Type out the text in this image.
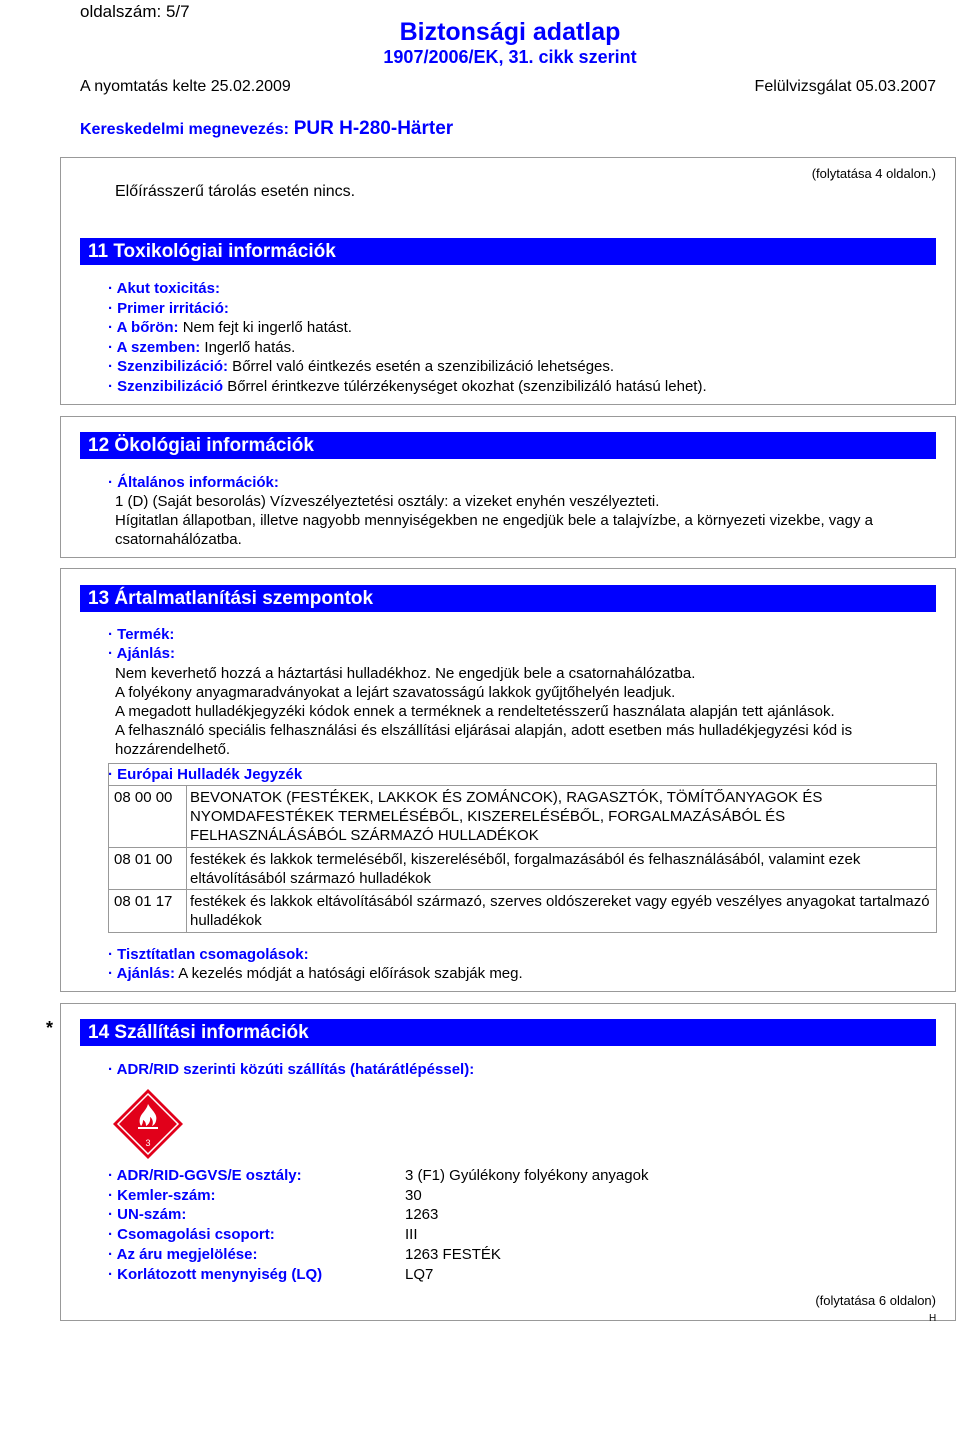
oldalszám: 5/7
Biztonsági adatlap
1907/2006/EK, 31. cikk szerint
A nyomtatás kelte 25.02.2009	Felülvizsgálat 05.03.2007
Kereskedelmi megnevezés: PUR H-280-Härter
(folytatása 4 oldalon.)
Előírásszerű tárolás esetén nincs.
11 Toxikológiai információk
· Akut toxicitás:
· Primer irritáció:
· A bőrön: Nem fejt ki ingerlő hatást.
· A szemben: Ingerlő hatás.
· Szenzibilizáció: Bőrrel való éintkezés esetén a szenzibilizáció lehetséges.
· Szenzibilizáció Bőrrel érintkezve túlérzékenységet okozhat (szenzibilizáló hatású lehet).
12 Ökológiai információk
· Általános információk:
1 (D) (Saját besorolás) Vízveszélyeztetési osztály: a vizeket enyhén veszélyezteti.
Hígitatlan állapotban, illetve nagyobb mennyiségekben ne engedjük bele a talajvízbe, a környezeti vizekbe, vagy a csatornahálózatba.
13 Ártalmatlanítási szempontok
· Termék:
· Ajánlás:
Nem keverhető hozzá a háztartási hulladékhoz. Ne engedjük bele a csatornahálózatba.
A folyékony anyagmaradványokat a lejárt szavatosságú lakkok gyűjtőhelyén leadjuk.
A megadott hulladékjegyzéki kódok ennek a terméknek a rendeltetésszerű használata alapján tett ajánlások.
A felhasználó speciális felhasználási és elszállítási eljárásai alapján, adott esetben más hulladékjegyzési kód is hozzárendelhető.
· Európai Hulladék Jegyzék
08 00 00 BEVONATOK (FESTÉKEK, LAKKOK ÉS ZOMÁNCOK), RAGASZTÓK, TÖMÍTŐANYAGOK ÉS NYOMDAFESTÉKEK TERMELÉSÉBŐL, KISZERELÉSÉBŐL, FORGALMAZÁSÁBÓL ÉS FELHASZNÁLÁSÁBÓL SZÁRMAZÓ HULLADÉKOK
08 01 00 festékek és lakkok termeléséből, kiszereléséből, forgalmazásából és felhasználásából, valamint ezek eltávolításából származó hulladékok
08 01 17 festékek és lakkok eltávolításából származó, szerves oldószereket vagy egyéb veszélyes anyagokat tartalmazó hulladékok
· Tisztítatlan csomagolások:
· Ajánlás: A kezelés módját a hatósági előírások szabják meg.
*	14 Szállítási információk
· ADR/RID szerinti közúti szállítás (határátlépéssel):
3
· ADR/RID-GGVS/E osztály:	3 (F1) Gyúlékony folyékony anyagok
· Kemler-szám:	30
· UN-szám:	1263
· Csomagolási csoport:	III
· Az áru megjelölése:	1263 FESTÉK
· Korlátozott menynyiség (LQ)	LQ7
(folytatása 6 oldalon)
H
